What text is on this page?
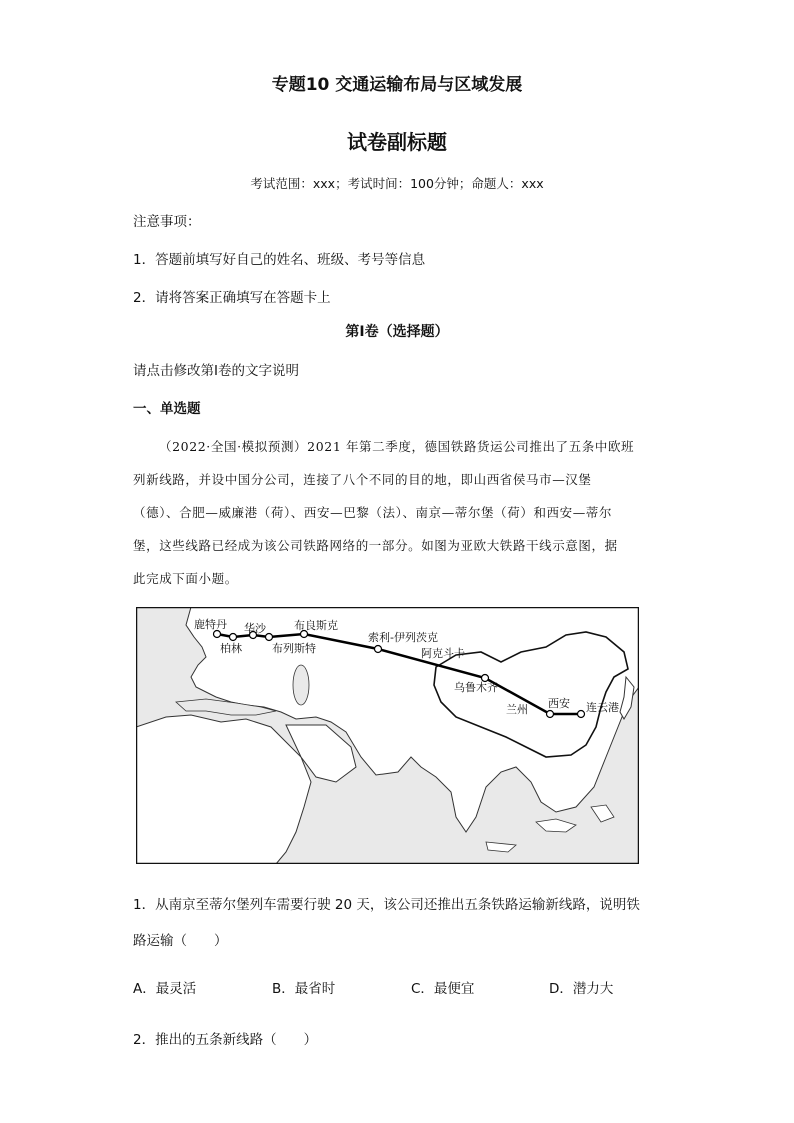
专题10 交通运输布局与区域发展
试卷副标题
考试范围：xxx；考试时间：100分钟；命题人：xxx
注意事项：
1．答题前填写好自己的姓名、班级、考号等信息
2．请将答案正确填写在答题卡上
第I卷（选择题）
请点击修改第I卷的文字说明
一、单选题
（2022·全国·模拟预测）2021 年第二季度，德国铁路货运公司推出了五条中欧班
列新线路，并设中国分公司，连接了八个不同的目的地，即山西省侯马市—汉堡
（德）、合肥—威廉港（荷）、西安—巴黎（法）、南京—蒂尔堡（荷）和西安—蒂尔
堡，这些线路已经成为该公司铁路网络的一部分。如图为亚欧大铁路干线示意图，据
此完成下面小题。
鹿特丹
柏林
华沙
布列斯特
布良斯克
索利-伊列茨克
阿克斗卡
乌鲁木齐
兰州 西安 连云港
1．从南京至蒂尔堡列车需要行驶 20 天，该公司还推出五条铁路运输新线路，说明铁
路运输（　　）
A．最灵活	B．最省时	C．最便宜	D．潜力大
2．推出的五条新线路（　　）
